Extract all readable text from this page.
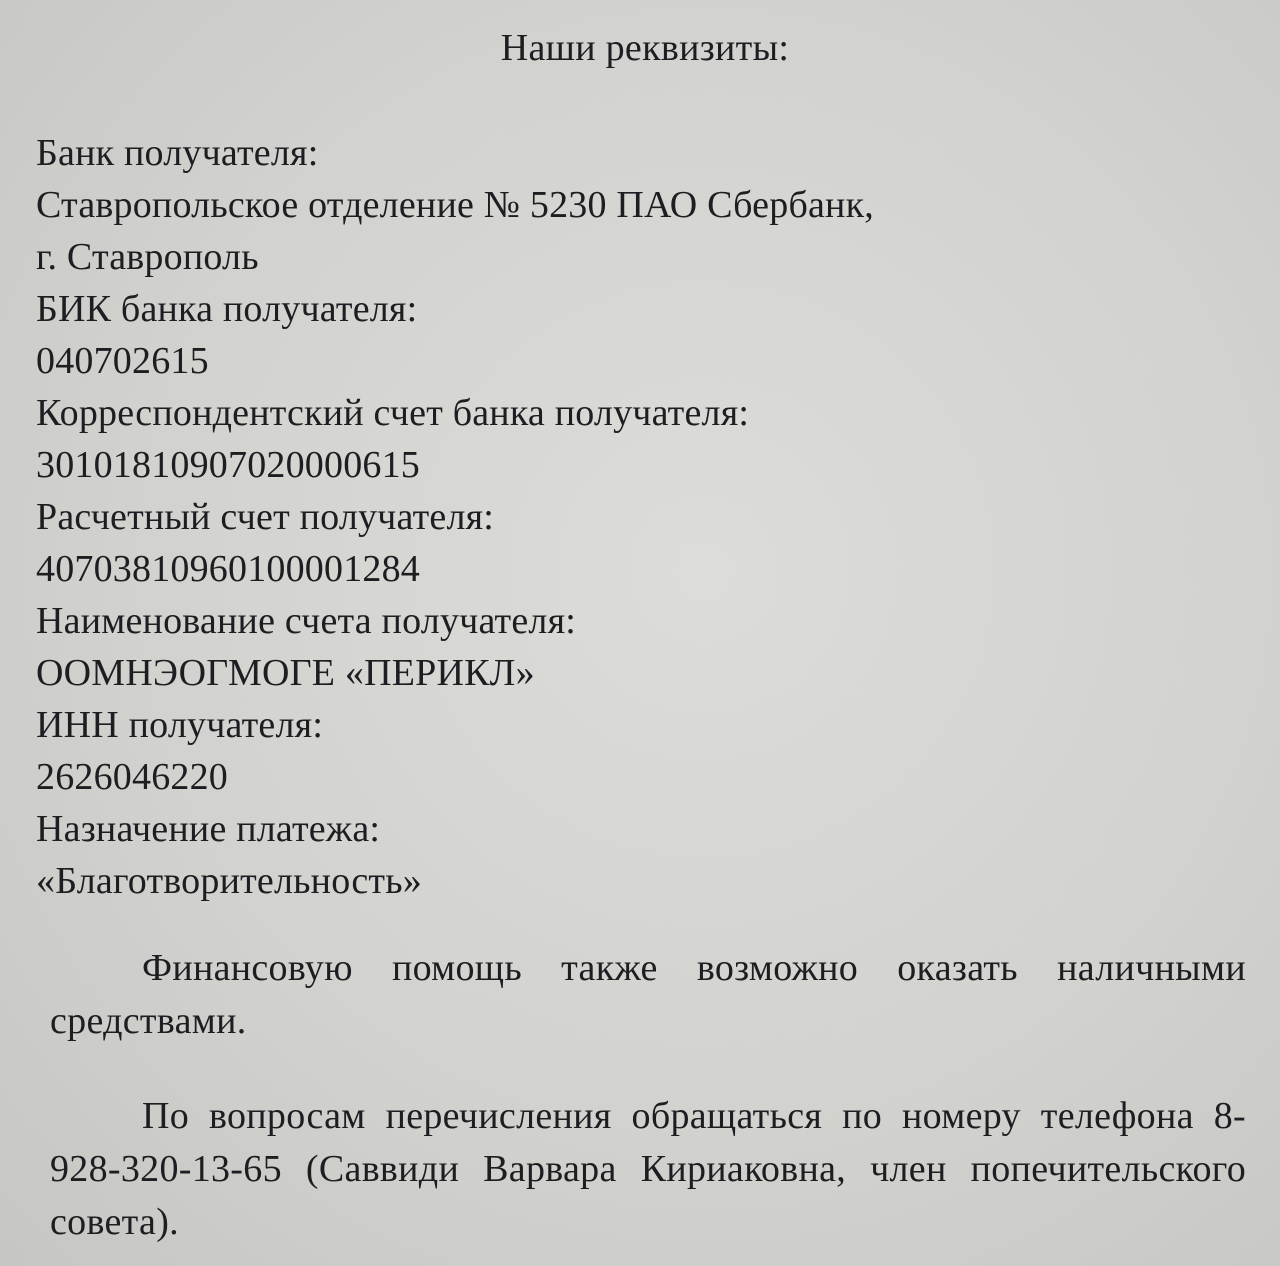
Наши реквизиты:
Банк получателя:
Ставропольское отделение № 5230 ПАО Сбербанк,
г. Ставрополь
БИК банка получателя:
040702615
Корреспондентский счет банка получателя:
30101810907020000615
Расчетный счет получателя:
40703810960100001284
Наименование счета получателя:
ООМНЭОГМОГЕ «ПЕРИКЛ»
ИНН получателя:
2626046220
Назначение платежа:
«Благотворительность»

Финансовую помощь также возможно оказать наличными средствами.

По вопросам перечисления обращаться по номеру телефона 8-928-320-13-65 (Саввиди Варвара Кириаковна, член попечительского совета).
